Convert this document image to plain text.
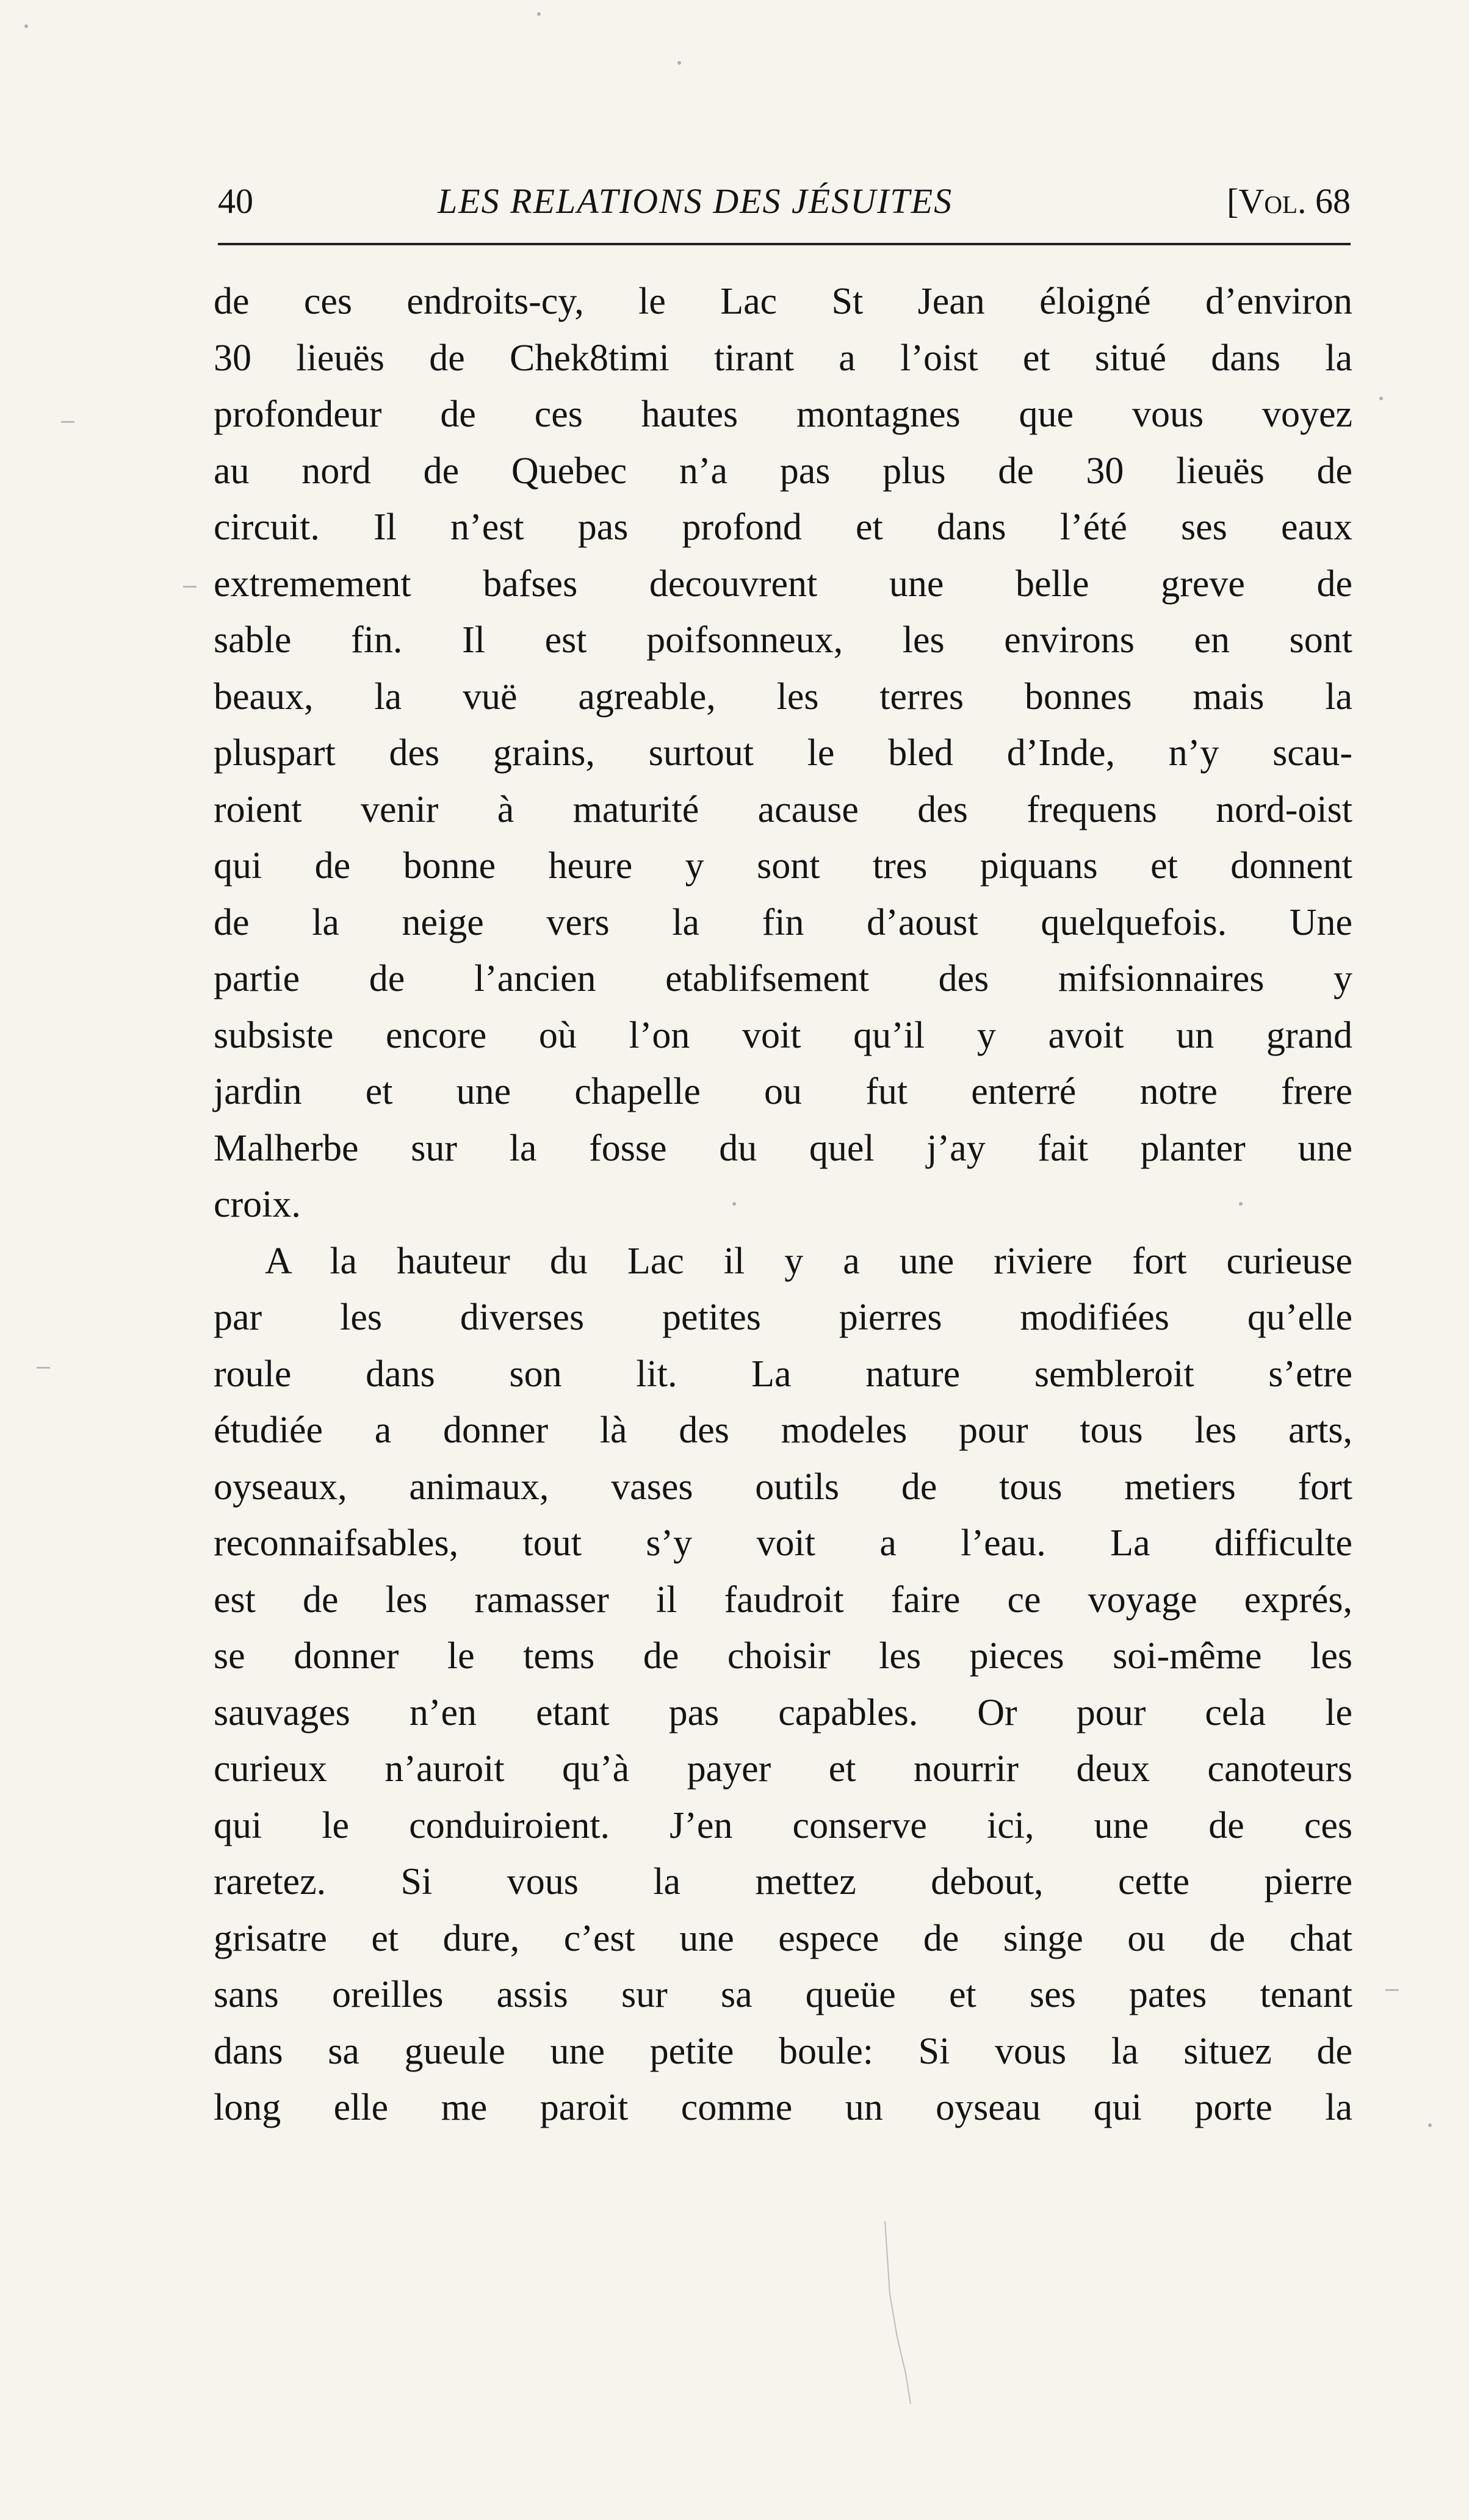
40	LES RELATIONS DES JÉSUITES	[Vol. 68
de ces endroits-cy, le Lac St Jean éloigné d’environ
30 lieuës de Chek8timi tirant a l’oist et situé dans la
profondeur de ces hautes montagnes que vous voyez
au nord de Quebec n’a pas plus de 30 lieuës de
circuit. Il n’est pas profond et dans l’été ses eaux
extremement bafses decouvrent une belle greve de
sable fin. Il est poifsonneux, les environs en sont
beaux, la vuë agreable, les terres bonnes mais la
pluspart des grains, surtout le bled d’Inde, n’y scau-
roient venir à maturité acause des frequens nord-oist
qui de bonne heure y sont tres piquans et donnent
de la neige vers la fin d’aoust quelquefois. Une
partie de l’ancien etablifsement des mifsionnaires y
subsiste encore où l’on voit qu’il y avoit un grand
jardin et une chapelle ou fut enterré notre frere
Malherbe sur la fosse du quel j’ay fait planter une
croix.
A la hauteur du Lac il y a une riviere fort curieuse
par les diverses petites pierres modifiées qu’elle
roule dans son lit. La nature sembleroit s’etre
étudiée a donner là des modeles pour tous les arts,
oyseaux, animaux, vases outils de tous metiers fort
reconnaifsables, tout s’y voit a l’eau. La difficulte
est de les ramasser il faudroit faire ce voyage exprés,
se donner le tems de choisir les pieces soi-même les
sauvages n’en etant pas capables. Or pour cela le
curieux n’auroit qu’à payer et nourrir deux canoteurs
qui le conduiroient. J’en conserve ici, une de ces
raretez. Si vous la mettez debout, cette pierre
grisatre et dure, c’est une espece de singe ou de chat
sans oreilles assis sur sa queüe et ses pates tenant
dans sa gueule une petite boule: Si vous la situez de
long elle me paroit comme un oyseau qui porte la
